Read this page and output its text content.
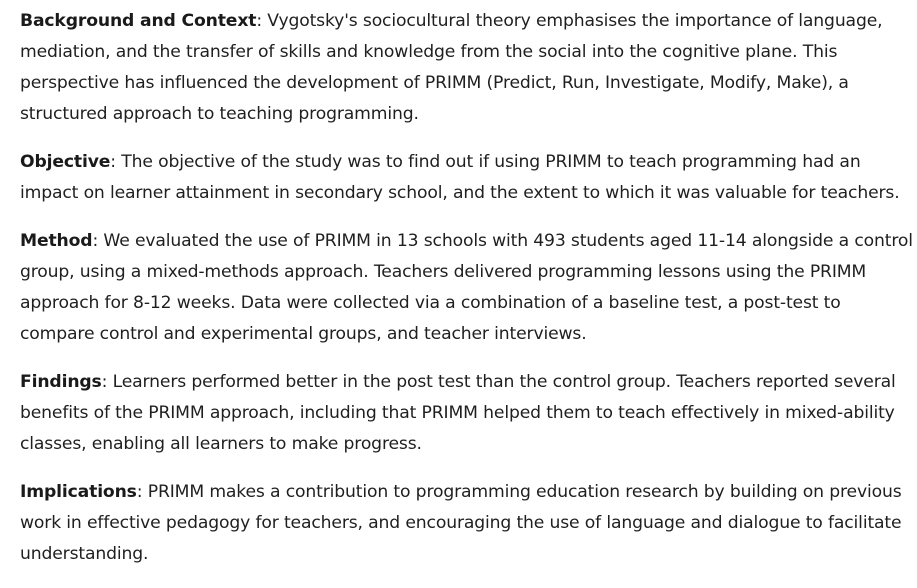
Background and Context: Vygotsky's sociocultural theory emphasises the importance of language, mediation, and the transfer of skills and knowledge from the social into the cognitive plane. This perspective has influenced the development of PRIMM (Predict, Run, Investigate, Modify, Make), a structured approach to teaching programming.

Objective: The objective of the study was to find out if using PRIMM to teach programming had an impact on learner attainment in secondary school, and the extent to which it was valuable for teachers.

Method: We evaluated the use of PRIMM in 13 schools with 493 students aged 11-14 alongside a control group, using a mixed-methods approach. Teachers delivered programming lessons using the PRIMM approach for 8-12 weeks. Data were collected via a combination of a baseline test, a post-test to compare control and experimental groups, and teacher interviews.

Findings: Learners performed better in the post test than the control group. Teachers reported several benefits of the PRIMM approach, including that PRIMM helped them to teach effectively in mixed-ability classes, enabling all learners to make progress.

Implications: PRIMM makes a contribution to programming education research by building on previous work in effective pedagogy for teachers, and encouraging the use of language and dialogue to facilitate understanding.
